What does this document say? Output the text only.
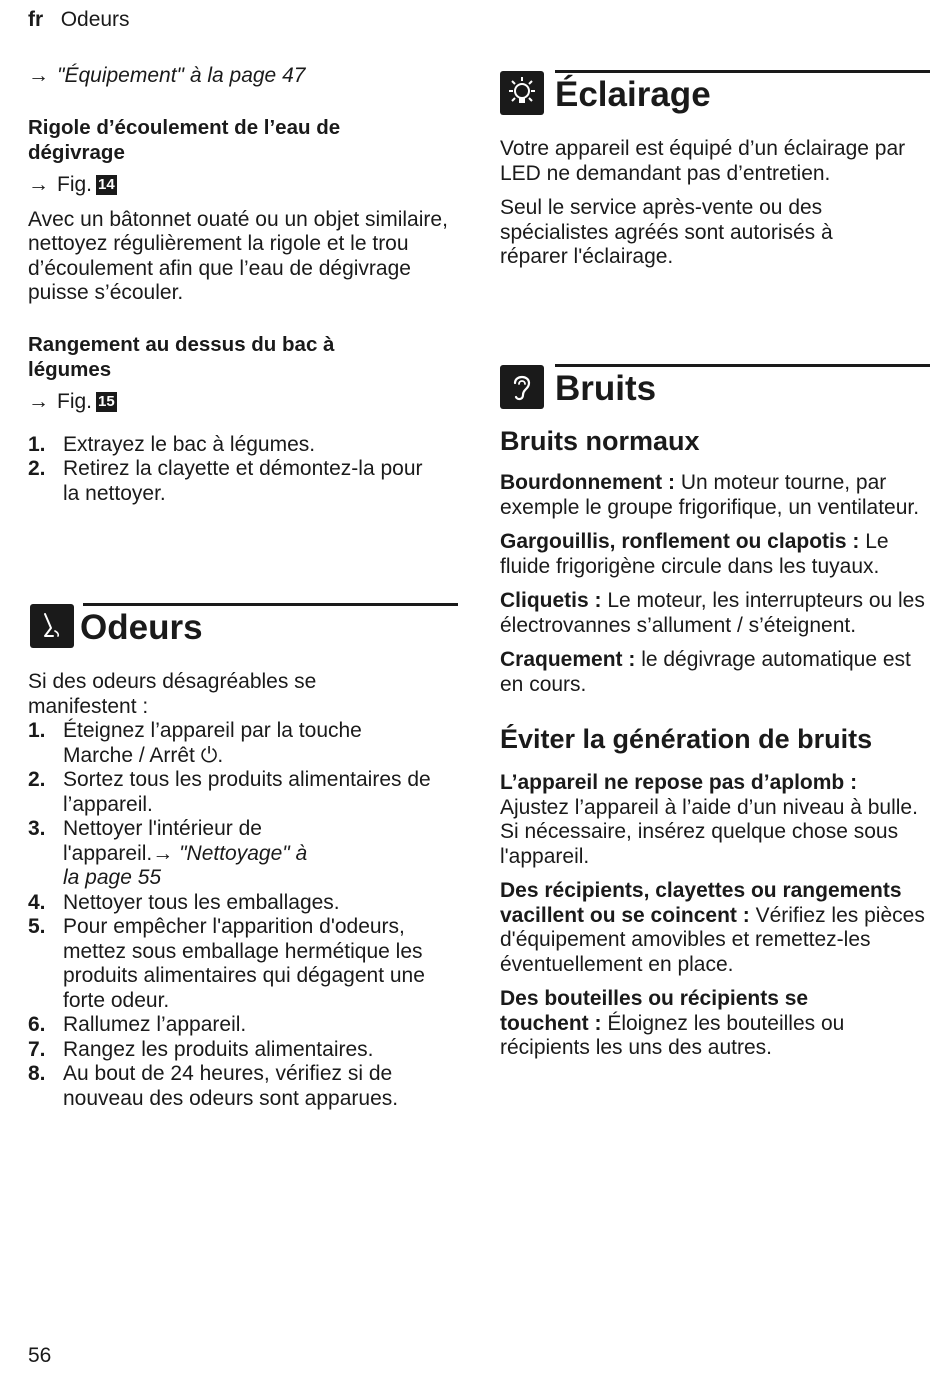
fr Odeurs
→ "Équipement" à la page 47

Rigole d’écoulement de l’eau de dégivrage

→ Fig. 14

Avec un bâtonnet ouaté ou un objet similaire, nettoyez régulièrement la rigole et le trou d’écoulement afin que l’eau de dégivrage puisse s’écouler.

Rangement au dessus du bac à légumes

→ Fig. 15

1. Extrayez le bac à légumes.
2. Retirez la clayette et démontez-la pour la nettoyer.
Odeurs

Si des odeurs désagréables se manifestent :

1. Éteignez l’appareil par la touche Marche / Arrêt ⏻.
2. Sortez tous les produits alimentaires de l’appareil.
3. Nettoyer l'intérieur de l'appareil.→ "Nettoyage" à la page 55
4. Nettoyer tous les emballages.
5. Pour empêcher l'apparition d'odeurs, mettez sous emballage hermétique les produits alimentaires qui dégagent une forte odeur.
6. Rallumez l’appareil.
7. Rangez les produits alimentaires.
8. Au bout de 24 heures, vérifiez si de nouveau des odeurs sont apparues.
Éclairage

Votre appareil est équipé d’un éclairage par LED ne demandant pas d’entretien.

Seul le service après-vente ou des spécialistes agréés sont autorisés à réparer l'éclairage.

Bruits
Bruits normaux

Bourdonnement : Un moteur tourne, par exemple le groupe frigorifique, un ventilateur.

Gargouillis, ronflement ou clapotis : Le fluide frigorigène circule dans les tuyaux.

Cliquetis : Le moteur, les interrupteurs ou les électrovannes s’allument / s’éteignent.

Craquement : le dégivrage automatique est en cours.

Éviter la génération de bruits

L’appareil ne repose pas d’aplomb : Ajustez l’appareil à l’aide d’un niveau à bulle. Si nécessaire, insérez quelque chose sous l'appareil.

Des récipients, clayettes ou rangements vacillent ou se coincent : Vérifiez les pièces d'équipement amovibles et remettez-les éventuellement en place.

Des bouteilles ou récipients se touchent : Éloignez les bouteilles ou récipients les uns des autres.

56
